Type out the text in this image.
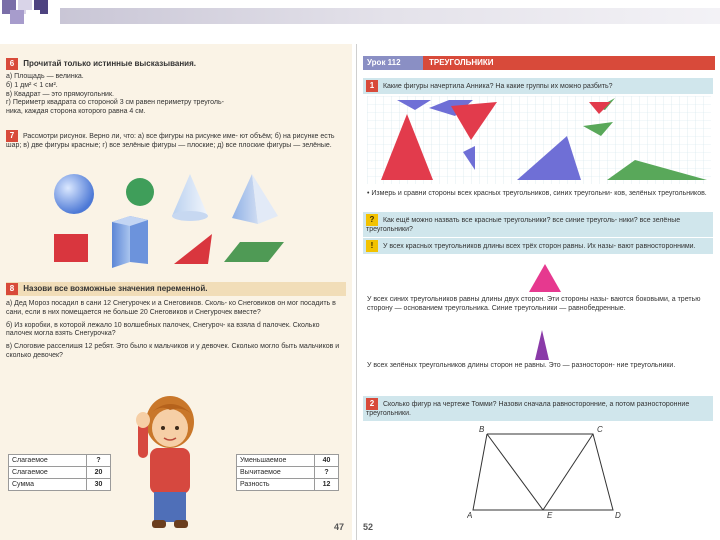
6 Прочитай только истинные высказывания.
а) Площадь — велинка.
б) 1 дм² < 1 см².
в) Квадрат — это прямоугольник.
г) Периметр квадрата со стороной 3 см равен периметру треуголь-
ника, каждая сторона которого равна 4 см.
7 Рассмотри рисунок. Верно ли, что: а) все фигуры на рисунке име- ют объём; б) на рисунке есть шар; в) две фигуры красные; г) все зелёные фигуры — плоские; д) все плоские фигуры — зелёные.
8 Назови все возможные значения переменной.
а) Дед Мороз посадил в сани 12 Снегурочек и a Снеговиков. Сколь- ко Снеговиков он мог посадить в сани, если в них помещается не больше 20 Снеговиков и Снегурочек вместе?
б) Из коробки, в которой лежало 10 волшебных палочек, Снегуроч- ка взяла d палочек. Сколько палочек могла взять Снегурочка?
в) Слоговие расселишя 12 ребят. Это было к мальчиков и у девочек. Сколько могло быть мальчиков и сколько девочек?
Слагаемое	?
Слагаемое	20
Сумма	30
Уменьшаемое	40
Вычитаемое	?
Разность	12
47
Урок 112	ТРЕУГОЛЬНИКИ
1 Какие фигуры начертила Анника? На какие группы их можно разбить?
• Измерь и сравни стороны всех красных треугольников, синих треугольни- ков, зелёных треугольников.
? Как ещё можно назвать все красные треугольники? все синие треуголь- ники? все зелёные треугольники?
! У всех красных треугольников длины всех трёх сторон равны. Их назы- вают равносторонними.
У всех синих треугольников равны длины двух сторон. Эти стороны назы- ваются боковыми, а третью сторону — основанием треугольника. Синие треугольники — равнобедренные.
У всех зелёных треугольников длины сторон не равны. Это — разносторон- ние треугольники.
2 Сколько фигур на чертеже Томми? Назови сначала равносторонние, а потом разносторонние треугольники.
B	C
A	E	D
52
